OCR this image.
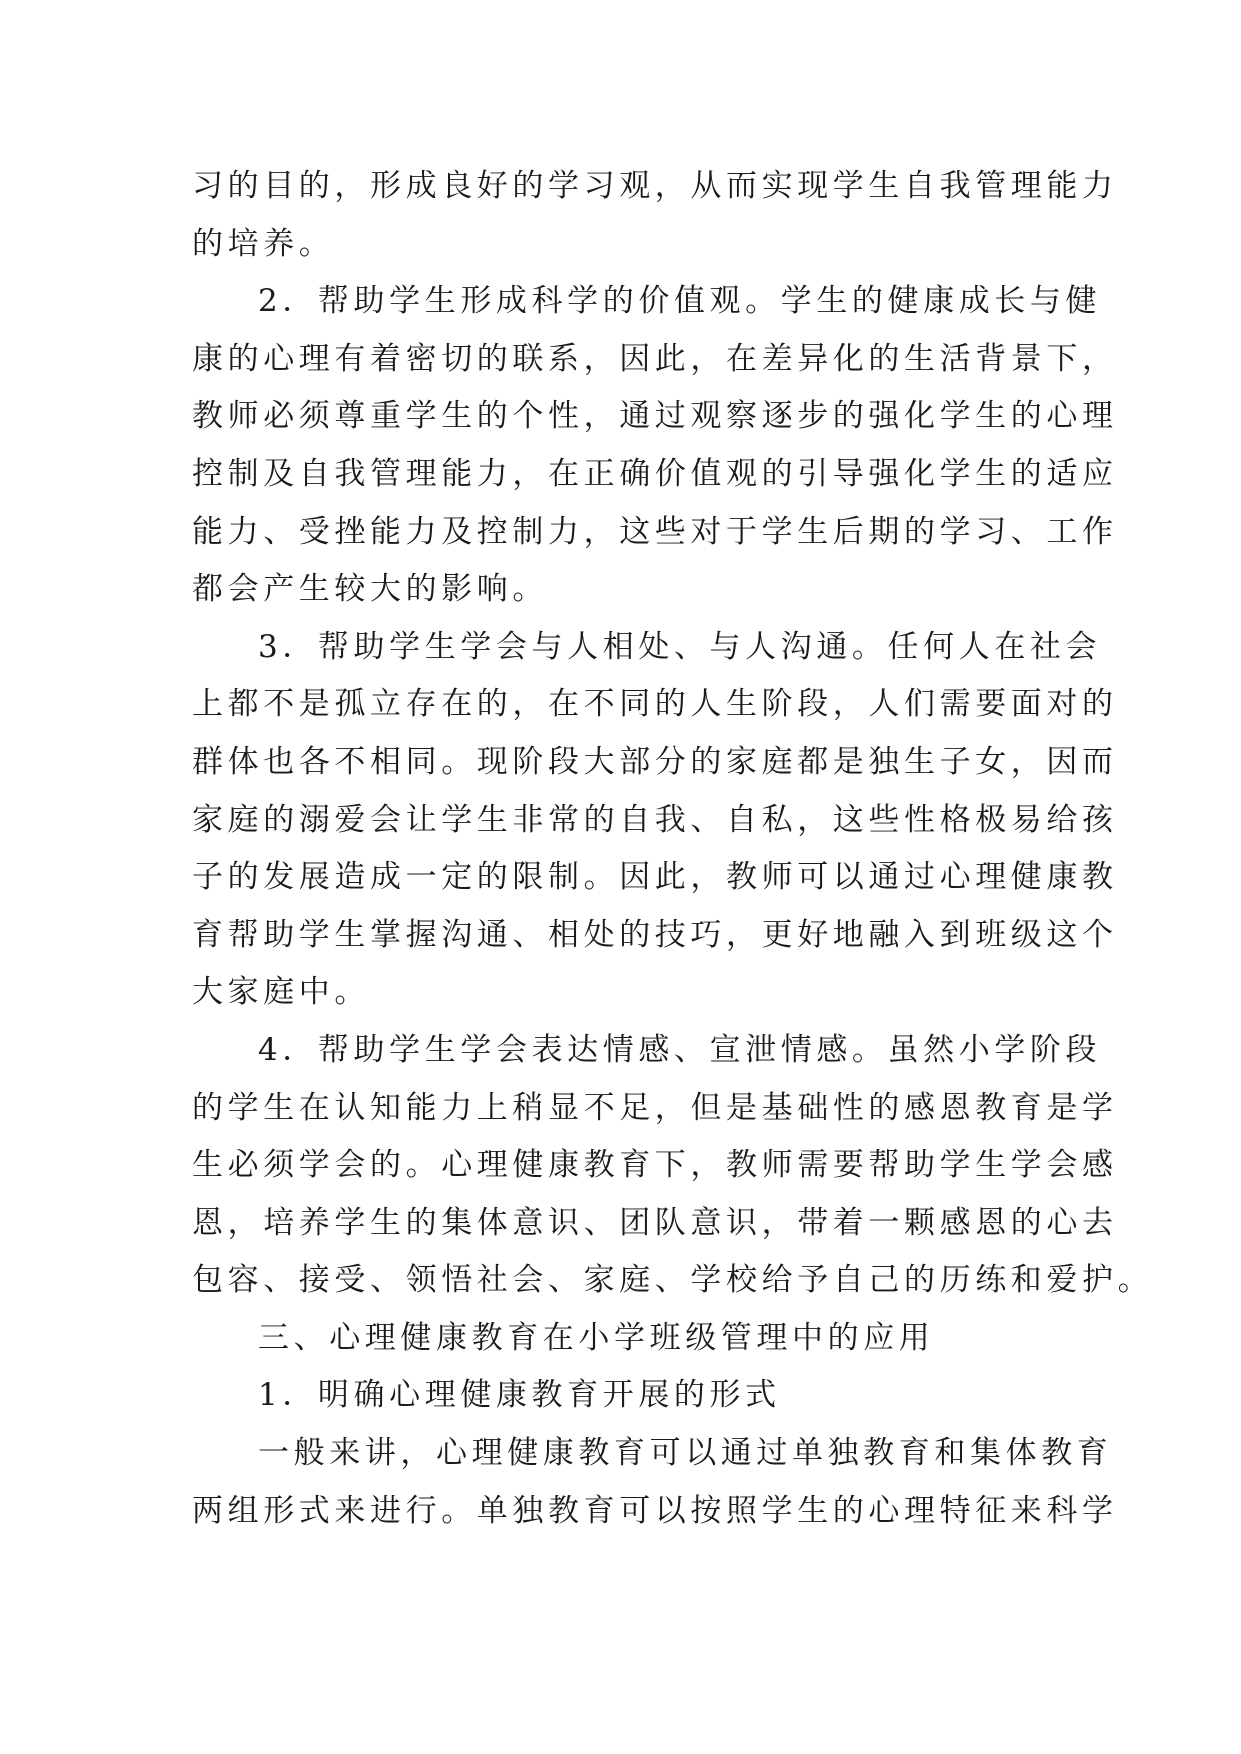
习的目的，形成良好的学习观，从而实现学生自我管理能力
的培养。
2．帮助学生形成科学的价值观。学生的健康成长与健
康的心理有着密切的联系，因此，在差异化的生活背景下，
教师必须尊重学生的个性，通过观察逐步的强化学生的心理
控制及自我管理能力，在正确价值观的引导强化学生的适应
能力、受挫能力及控制力，这些对于学生后期的学习、工作
都会产生较大的影响。
3．帮助学生学会与人相处、与人沟通。任何人在社会
上都不是孤立存在的，在不同的人生阶段，人们需要面对的
群体也各不相同。现阶段大部分的家庭都是独生子女，因而
家庭的溺爱会让学生非常的自我、自私，这些性格极易给孩
子的发展造成一定的限制。因此，教师可以通过心理健康教
育帮助学生掌握沟通、相处的技巧，更好地融入到班级这个
大家庭中。
4．帮助学生学会表达情感、宣泄情感。虽然小学阶段
的学生在认知能力上稍显不足，但是基础性的感恩教育是学
生必须学会的。心理健康教育下，教师需要帮助学生学会感
恩，培养学生的集体意识、团队意识，带着一颗感恩的心去
包容、接受、领悟社会、家庭、学校给予自己的历练和爱护。
三、心理健康教育在小学班级管理中的应用
1．明确心理健康教育开展的形式
一般来讲，心理健康教育可以通过单独教育和集体教育
两组形式来进行。单独教育可以按照学生的心理特征来科学
